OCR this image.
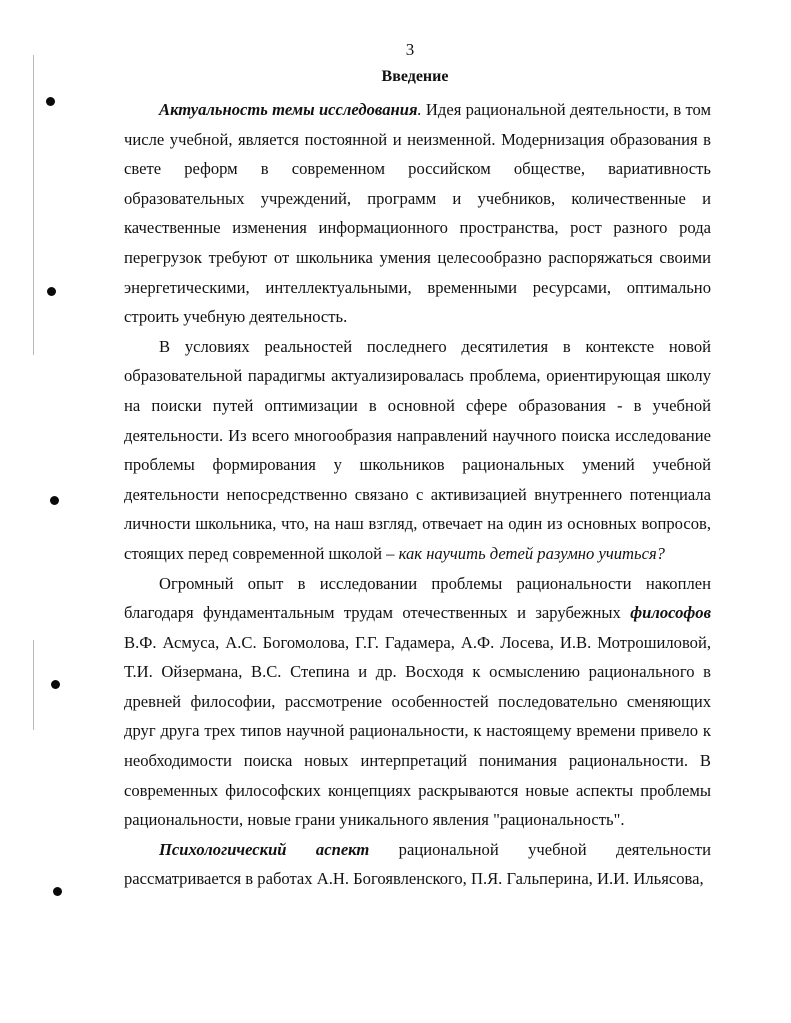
3
Введение

Актуальность темы исследования. Идея рациональной деятельности, в том числе учебной, является постоянной и неизменной. Модернизация образования в свете реформ в современном российском обществе, вариативность образовательных учреждений, программ и учебников, количественные и качественные изменения информационного пространства, рост разного рода перегрузок требуют от школьника умения целесообразно распоряжаться своими энергетическими, интеллектуальными, временными ресурсами, оптимально строить учебную деятельность.

В условиях реальностей последнего десятилетия в контексте новой образовательной парадигмы актуализировалась проблема, ориентирующая школу на поиски путей оптимизации в основной сфере образования - в учебной деятельности. Из всего многообразия направлений научного поиска исследование проблемы формирования у школьников рациональных умений учебной деятельности непосредственно связано с активизацией внутреннего потенциала личности школьника, что, на наш взгляд, отвечает на один из основных вопросов, стоящих перед современной школой – как научить детей разумно учиться?

Огромный опыт в исследовании проблемы рациональности накоплен благодаря фундаментальным трудам отечественных и зарубежных философов В.Ф. Асмуса, А.С. Богомолова, Г.Г. Гадамера, А.Ф. Лосева, И.В. Мотрошиловой, Т.И. Ойзермана, В.С. Степина и др. Восходя к осмыслению рационального в древней философии, рассмотрение особенностей последовательно сменяющих друг друга трех типов научной рациональности, к настоящему времени привело к необходимости поиска новых интерпретаций понимания рациональности. В современных философских концепциях раскрываются новые аспекты проблемы рациональности, новые грани уникального явления "рациональность".

Психологический аспект рациональной учебной деятельности рассматривается в работах А.Н. Богоявленского, П.Я. Гальперина, И.И. Ильясова,
